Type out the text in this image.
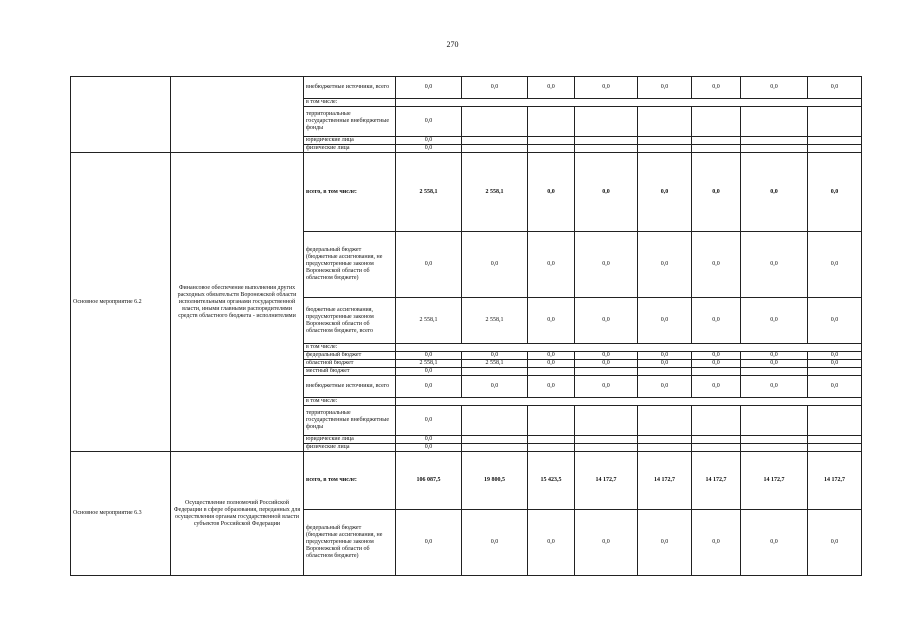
270
		внебюджетные источники, всего	0,0	0,0	0,0	0,0	0,0	0,0	0,0	0,0
		в том числе:								
		территориальные государственные внебюджетные фонды	0,0							
		юридические лица	0,0							
		физические лица	0,0							
Основное мероприятие 6.2	Финансовое обеспечение выполнения других расходных обязательств Воронежской области исполнительными органами государственной власти, иными главными распорядителями средств областного бюджета - исполнителями	всего, в том числе:	2 558,1	2 558,1	0,0	0,0	0,0	0,0	0,0	0,0
		федеральный бюджет (бюджетные ассигнования, не предусмотренные законом Воронежской области об областном бюджете)	0,0	0,0	0,0	0,0	0,0	0,0	0,0	0,0
		бюджетные ассигнования, предусмотренные законом Воронежской области об областном бюджете, всего	2 558,1	2 558,1	0,0	0,0	0,0	0,0	0,0	0,0
		в том числе:								
		федеральный бюджет	0,0	0,0	0,0	0,0	0,0	0,0	0,0	0,0
		областной бюджет	2 558,1	2 558,1	0,0	0,0	0,0	0,0	0,0	0,0
		местный бюджет	0,0							
		внебюджетные источники, всего	0,0	0,0	0,0	0,0	0,0	0,0	0,0	0,0
		в том числе:								
		территориальные государственные внебюджетные фонды	0,0							
		юридические лица	0,0							
		физические лица	0,0							
Основное мероприятие 6.3	Осуществление полномочий Российской Федерации в сфере образования, переданных для осуществления органам государственной власти субъектов Российской Федерации	всего, в том числе:	106 087,5	19 800,5	15 423,5	14 172,7	14 172,7	14 172,7	14 172,7	14 172,7
		федеральный бюджет (бюджетные ассигнования, не предусмотренные законом Воронежской области об областном бюджете)	0,0	0,0	0,0	0,0	0,0	0,0	0,0	0,0
